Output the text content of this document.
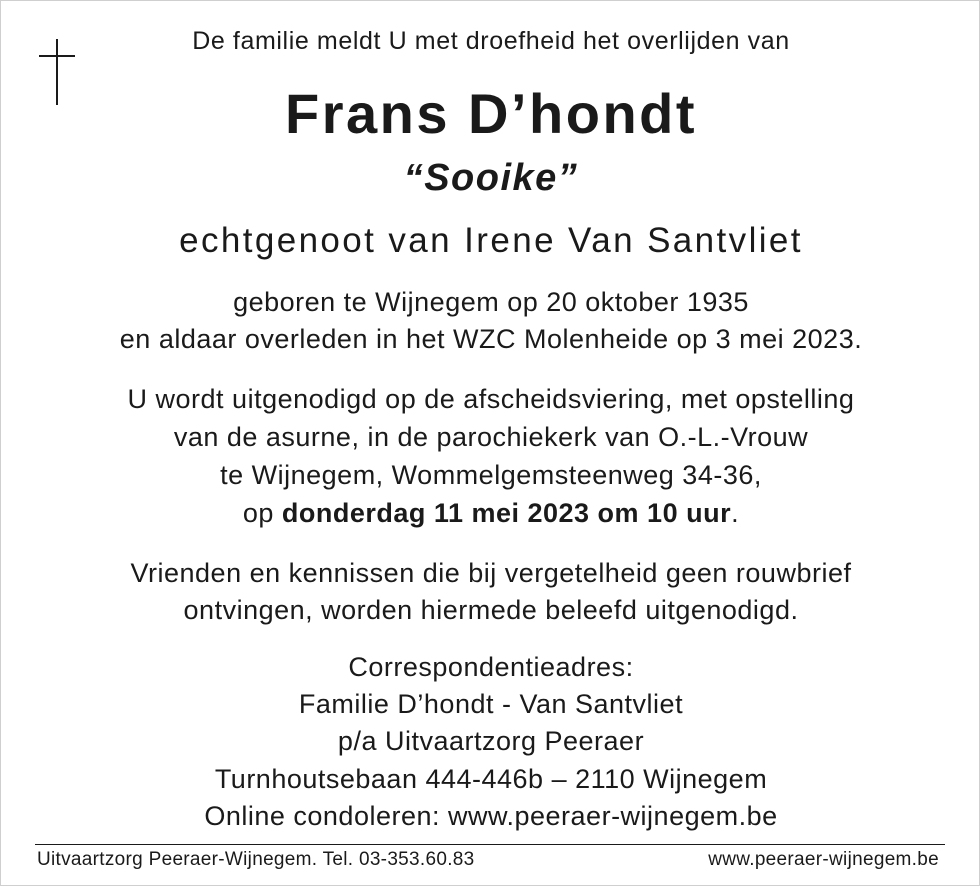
De familie meldt U met droefheid het overlijden van
Frans D’hondt
“Sooike”
echtgenoot van Irene Van Santvliet
geboren te Wijnegem op 20 oktober 1935
en aldaar overleden in het WZC Molenheide op 3 mei 2023.
U wordt uitgenodigd op de afscheidsviering, met opstelling
van de asurne, in de parochiekerk van O.-L.-Vrouw
te Wijnegem, Wommelgemsteenweg 34-36,
op donderdag 11 mei 2023 om 10 uur.
Vrienden en kennissen die bij vergetelheid geen rouwbrief
ontvingen, worden hiermede beleefd uitgenodigd.
Correspondentieadres:
Familie D’hondt - Van Santvliet
p/a Uitvaartzorg Peeraer
Turnhoutsebaan 444-446b – 2110 Wijnegem
Online condoleren: www.peeraer-wijnegem.be
Uitvaartzorg Peeraer-Wijnegem. Tel. 03-353.60.83	www.peeraer-wijnegem.be
